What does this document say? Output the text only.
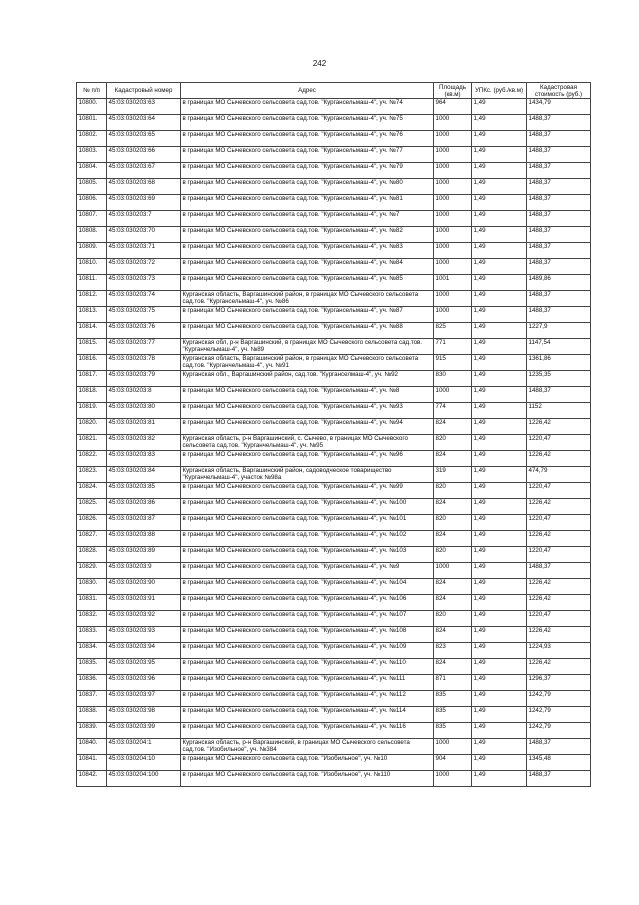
242
№ п/п	Кадастровый номер	Адрес	Площадь (кв.м)	УПКс. (руб./кв.м)	Кадастровая стоимость (руб.)
10800.	45:03:030203:63	в границах МО Сычевского сельсовета сад.тов. "Кургансельмаш-4", уч. №74	964	1,49	1434,79
10801.	45:03:030203:64	в границах МО Сычевского сельсовета сад.тов. "Кургансельмаш-4", уч. №75	1000	1,49	1488,37
10802.	45:03:030203:65	в границах МО Сычевского сельсовета сад.тов. "Кургансельмаш-4", уч. №76	1000	1,49	1488,37
10803.	45:03:030203:66	в границах МО Сычевского сельсовета сад.тов. "Кургансельмаш-4", уч. №77	1000	1,49	1488,37
10804.	45:03:030203:67	в границах МО Сычевского сельсовета сад.тов. "Кургансельмаш-4", уч. №79	1000	1,49	1488,37
10805.	45:03:030203:68	в границах МО Сычевского сельсовета сад.тов. "Кургансельмаш-4", уч. №80	1000	1,49	1488,37
10806.	45:03:030203:69	в границах МО Сычевского сельсовета сад.тов. "Кургансельмаш-4", уч. №81	1000	1,49	1488,37
10807.	45:03:030203:7	в границах МО Сычевского сельсовета сад.тов. "Кургансельмаш-4", уч. №7	1000	1,49	1488,37
10808.	45:03:030203:70	в границах МО Сычевского сельсовета сад.тов. "Кургансельмаш-4", уч. №82	1000	1,49	1488,37
10809.	45:03:030203:71	в границах МО Сычевского сельсовета сад.тов. "Кургансельмаш-4", уч. №83	1000	1,49	1488,37
10810.	45:03:030203:72	в границах МО Сычевского сельсовета сад.тов. "Кургансельмаш-4", уч. №84	1000	1,49	1488,37
10811.	45:03:030203:73	в границах МО Сычевского сельсовета сад.тов. "Кургансельмаш-4", уч. №85	1001	1,49	1489,86
10812.	45:03:030203:74	Курганская область, Варгашинский район, в границах МО Сычевского сельсовета сад.тов. "Кургансельмаш-4", уч. №86	1000	1,49	1488,37
10813.	45:03:030203:75	в границах МО Сычевского сельсовета сад.тов. "Кургансельмаш-4", уч. №87	1000	1,49	1488,37
10814.	45:03:030203:76	в границах МО Сычевского сельсовета сад.тов. "Кургансельмаш-4", уч. №88	825	1,49	1227,9
10815.	45:03:030203:77	Курганская обл, р-н Варгашинский, в границах МО Сычевского сельсовета сад.тов. "Курганчельмаш-4", уч. №89	771	1,49	1147,54
10816.	45:03:030203:78	Курганская область, Варгашинский район, в границах МО Сычевского сельсовета сад.тов. "Курганчельмаш-4", уч. №91	915	1,49	1361,86
10817.	45:03:030203:79	Курганская обл., Варгашинский район, сад.тов. "Курганселмаш-4", уч. №92	830	1,49	1235,35
10818.	45:03:030203:8	в границах МО Сычевского сельсовета сад.тов. "Кургансельмаш-4", уч. №8	1000	1,49	1488,37
10819.	45:03:030203:80	в границах МО Сычевского сельсовета сад.тов. "Кургансельмаш-4", уч. №93	774	1,49	1152
10820.	45:03:030203:81	в границах МО Сычевского сельсовета сад.тов. "Кургансельмаш-4", уч. №94	824	1,49	1226,42
10821.	45:03:030203:82	Курганская область, р-н Варгашинский, с. Сычево, в границах МО Сычевского сельсовета сад.тов. "Курганчельмаш-4", уч. №95	820	1,49	1220,47
10822.	45:03:030203:83	в границах МО Сычевского сельсовета сад.тов. "Кургансельмаш-4", уч. №96	824	1,49	1226,42
10823.	45:03:030203:84	Курганская область, Варгашинский район, садоводческое товарищество "Курганчельмаш-4", участок №98а	319	1,49	474,79
10824.	45:03:030203:85	в границах МО Сычевского сельсовета сад.тов. "Кургансельмаш-4", уч. №99	820	1,49	1220,47
10825.	45:03:030203:86	в границах МО Сычевского сельсовета сад.тов. "Кургансельмаш-4", уч. №100	824	1,49	1226,42
10826.	45:03:030203:87	в границах МО Сычевского сельсовета сад.тов. "Кургансельмаш-4", уч. №101	820	1,49	1220,47
10827.	45:03:030203:88	в границах МО Сычевского сельсовета сад.тов. "Кургансельмаш-4", уч. №102	824	1,49	1226,42
10828.	45:03:030203:89	в границах МО Сычевского сельсовета сад.тов. "Кургансельмаш-4", уч. №103	820	1,49	1220,47
10829.	45:03:030203:9	в границах МО Сычевского сельсовета сад.тов. "Кургансельмаш-4", уч. №9	1000	1,49	1488,37
10830.	45:03:030203:90	в границах МО Сычевского сельсовета сад.тов. "Кургансельмаш-4", уч. №104	824	1,49	1226,42
10831.	45:03:030203:91	в границах МО Сычевского сельсовета сад.тов. "Кургансельмаш-4", уч. №106	824	1,49	1226,42
10832.	45:03:030203:92	в границах МО Сычевского сельсовета сад.тов. "Кургансельмаш-4", уч. №107	820	1,49	1220,47
10833.	45:03:030203:93	в границах МО Сычевского сельсовета сад.тов. "Кургансельмаш-4", уч. №108	824	1,49	1226,42
10834.	45:03:030203:94	в границах МО Сычевского сельсовета сад.тов. "Кургансельмаш-4", уч. №109	823	1,49	1224,93
10835.	45:03:030203:95	в границах МО Сычевского сельсовета сад.тов. "Кургансельмаш-4", уч. №110	824	1,49	1226,42
10836.	45:03:030203:96	в границах МО Сычевского сельсовета сад.тов. "Кургансельмаш-4", уч. №111	871	1,49	1296,37
10837.	45:03:030203:97	в границах МО Сычевского сельсовета сад.тов. "Кургансельмаш-4", уч. №112	835	1,49	1242,79
10838.	45:03:030203:98	в границах МО Сычевского сельсовета сад.тов. "Кургансельмаш-4", уч. №114	835	1,49	1242,79
10839.	45:03:030203:99	в границах МО Сычевского сельсовета сад.тов. "Кургансельмаш-4", уч. №116	835	1,49	1242,79
10840.	45:03:030204:1	Курганская область, р-н Варгашинский, в границах МО Сычевского сельсовета сад.тов. "Изобильное", уч. №384	1000	1,49	1488,37
10841.	45:03:030204:10	в границах МО Сычевского сельсовета сад.тов. "Изобильное", уч. №10	904	1,49	1345,48
10842.	45:03:030204:100	в границах МО Сычевского сельсовета сад.тов. "Изобильное", уч. №110	1000	1,49	1488,37
